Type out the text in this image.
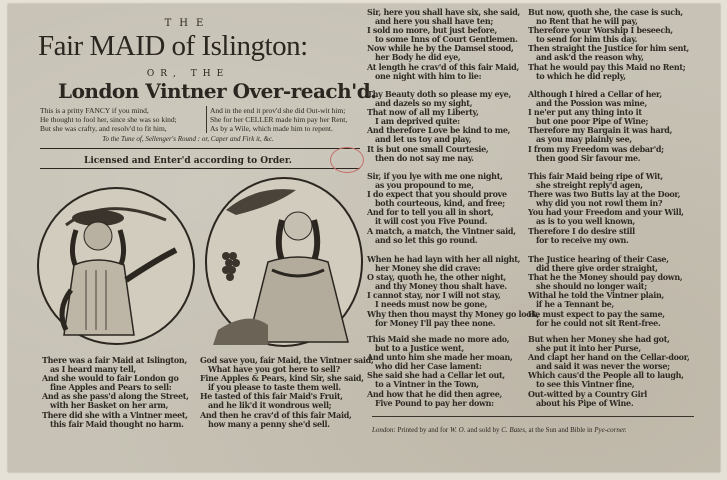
THE
Fair MAID of Islington:
OR, THE
London Vintner Over-reach'd.
This is a pritty FANCY if you mind,
He thought to fool her, since she was so kind;
But she was crafty, and resolv'd to fit him,
And in the end it prov'd she did Out-wit him;
She for her CELLER made him pay her Rent,
As by a Wile, which made him to repent.
To the Tune of, Sellenger's Round : or, Caper and Firk it, &c.
Licensed and Enter'd according to Order.
There was a fair Maid at Islington,
as I heard many tell,
And she would to fair London go
fine Apples and Pears to sell:
And as she pass'd along the Street,
with her Basket on her arm,
There did she with a Vintner meet,
this fair Maid thought no harm.
God save you, fair Maid, the Vintner said,
What have you got here to sell?
Fine Apples & Pears, kind Sir, she said,
if you please to taste them well.
He tasted of this fair Maid's Fruit,
and he lik'd it wondrous well;
And then he crav'd of this fair Maid,
how many a penny she'd sell.
Sir, here you shall have six, she said,
and here you shall have ten;
I sold no more, but just before,
to some Inns of Court Gentlemen.
Now while he by the Damsel stood,
her Body he did eye,
At length he crav'd of this fair Maid,
one night with him to lie:
But now, quoth she, the case is such,
no Rent that he will pay,
Therefore your Worship I beseech,
to send for him this day.
Then straight the Justice for him sent,
and ask'd the reason why,
That he would pay this Maid no Rent;
to which he did reply,
Thy Beauty doth so please my eye,
and dazels so my sight,
That now of all my Liberty,
I am deprived quite:
And therefore Love be kind to me,
and let us toy and play,
It is but one small Courtesie,
then do not say me nay.
Although I hired a Cellar of her,
and the Possion was mine,
I ne'er put any thing into it
but one poor Pipe of Wine;
Therefore my Bargain it was hard,
as you may plainly see,
I from my Freedom was debar'd;
then good Sir favour me.
Sir, if you lye with me one night,
as you propound to me,
I do expect that you should prove
both courteous, kind, and free;
And for to tell you all in short,
it will cost you Five Pound.
A match, a match, the Vintner said,
and so let this go round.
This fair Maid being ripe of Wit,
she streight reply'd agen,
There was two Butts lay at the Door,
why did you not rowl them in?
You had your Freedom and your Will,
as is to you well known,
Therefore I do desire still
for to receive my own.
When he had layn with her all night,
her Money she did crave:
O stay, quoth he, the other night,
and thy Money thou shalt have.
I cannot stay, nor I will not stay,
I needs must now be gone,
Why then thou mayst thy Money go look,
for Money I'll pay thee none.
The Justice hearing of their Case,
did there give order straight,
That he the Money should pay down,
she should no longer wait;
Withal he told the Vintner plain,
if he a Tennant be,
He must expect to pay the same,
for he could not sit Rent-free.
This Maid she made no more ado,
but to a Justice went,
And unto him she made her moan,
who did her Case lament:
She said she had a Cellar let out,
to a Vintner in the Town,
And how that he did then agree,
Five Pound to pay her down:
But when her Money she had got,
she put it into her Purse,
And clapt her hand on the Cellar-door,
and said it was never the worse;
Which caus'd the People all to laugh,
to see this Vintner fine,
Out-witted by a Country Girl
about his Pipe of Wine.
London: Printed by and for W. O. and sold by C. Bates, at the Sun and Bible in Pye-corner.
